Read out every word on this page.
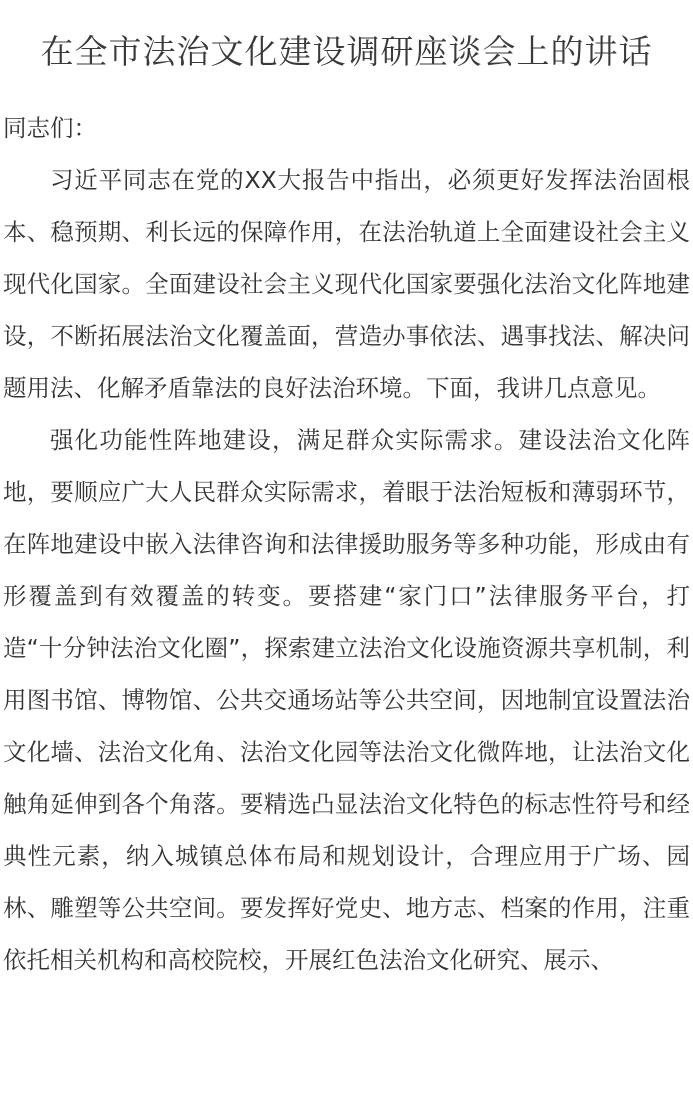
在全市法治文化建设调研座谈会上的讲话

同志们：

习近平同志在党的XX大报告中指出，必须更好发挥法治固根本、稳预期、利长远的保障作用，在法治轨道上全面建设社会主义现代化国家。全面建设社会主义现代化国家要强化法治文化阵地建设，不断拓展法治文化覆盖面，营造办事依法、遇事找法、解决问题用法、化解矛盾靠法的良好法治环境。下面，我讲几点意见。

强化功能性阵地建设，满足群众实际需求。建设法治文化阵地，要顺应广大人民群众实际需求，着眼于法治短板和薄弱环节，在阵地建设中嵌入法律咨询和法律援助服务等多种功能，形成由有形覆盖到有效覆盖的转变。要搭建“家门口”法律服务平台，打造“十分钟法治文化圈”，探索建立法治文化设施资源共享机制，利用图书馆、博物馆、公共交通场站等公共空间，因地制宜设置法治文化墙、法治文化角、法治文化园等法治文化微阵地，让法治文化触角延伸到各个角落。要精选凸显法治文化特色的标志性符号和经典性元素，纳入城镇总体布局和规划设计，合理应用于广场、园林、雕塑等公共空间。要发挥好党史、地方志、档案的作用，注重依托相关机构和高校院校，开展红色法治文化研究、展示、
